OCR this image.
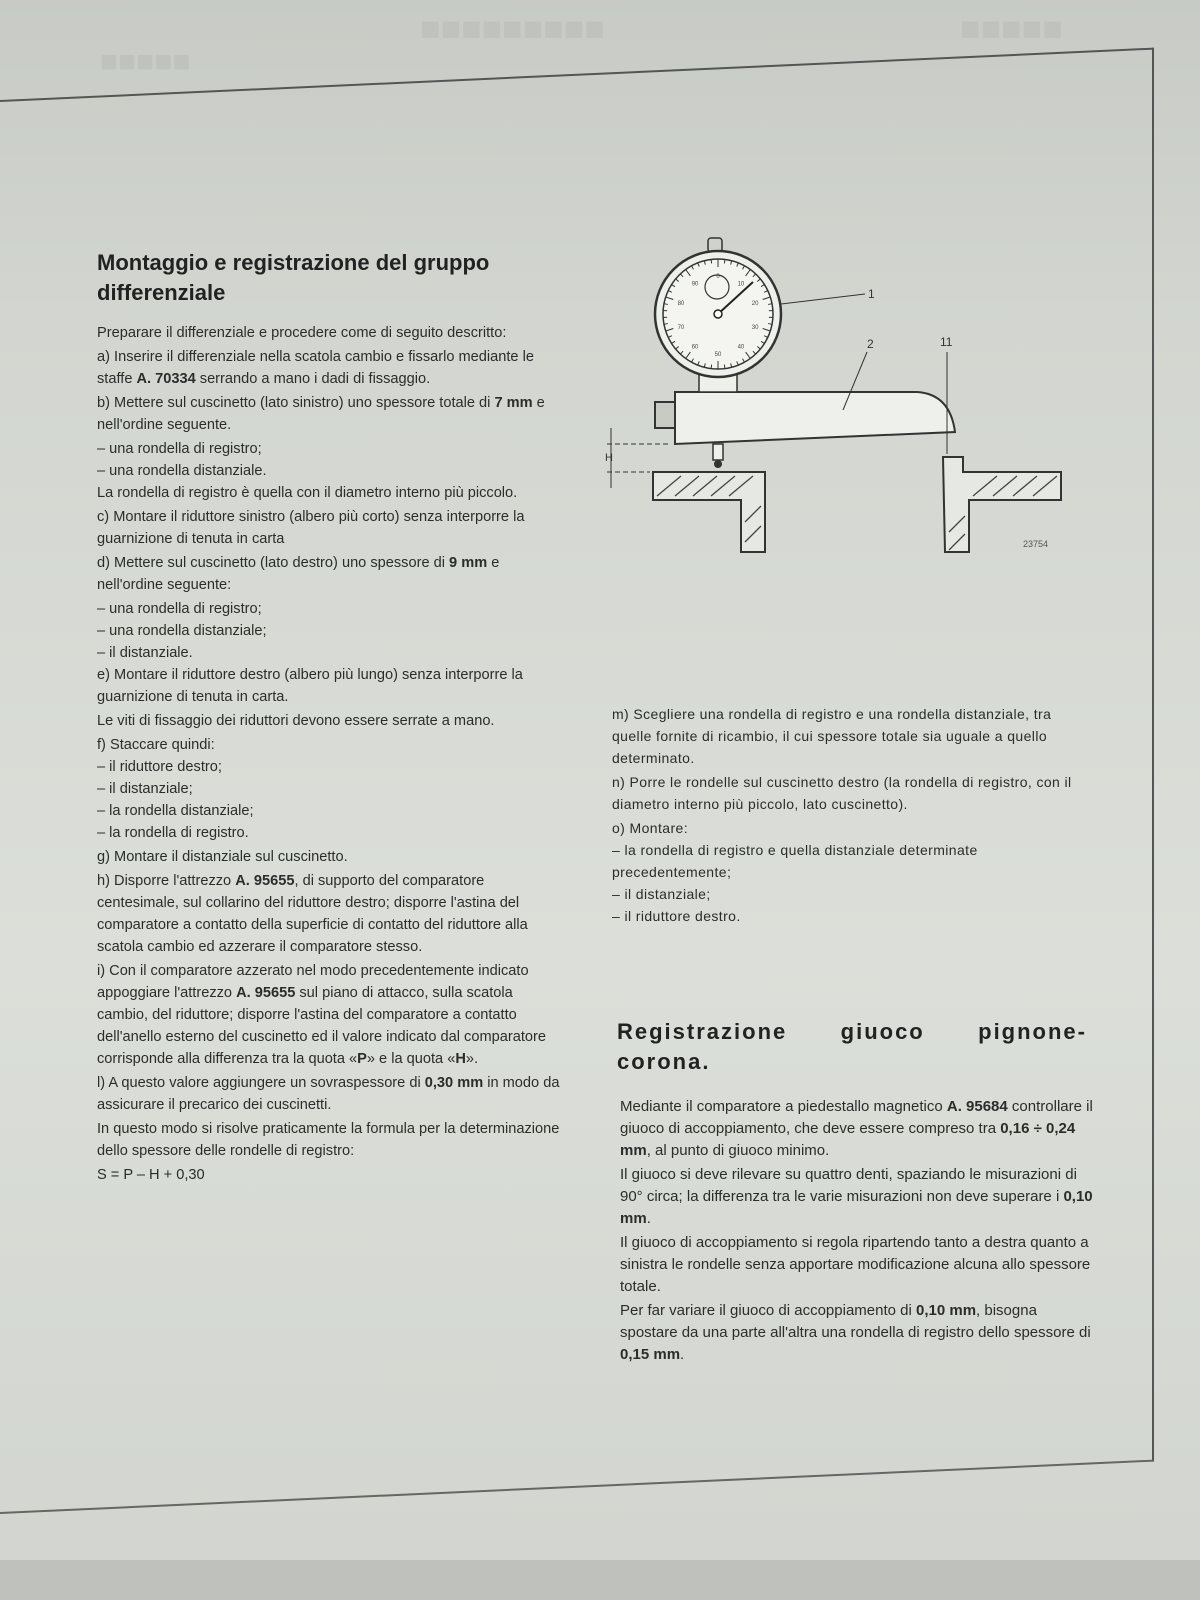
■■■■■■■■■	■■■■■
■■■■■
Montaggio e registrazione del gruppo
differenziale

Preparare il differenziale e procedere come di seguito descritto:

a) Inserire il differenziale nella scatola cambio e fissarlo mediante le staffe A. 70334 serrando a mano i dadi di fissaggio.

b) Mettere sul cuscinetto (lato sinistro) uno spessore totale di 7 mm e nell'ordine seguente.

– una rondella di registro;
– una rondella distanziale.

La rondella di registro è quella con il diametro interno più piccolo.

c) Montare il riduttore sinistro (albero più corto) senza interporre la guarnizione di tenuta in carta

d) Mettere sul cuscinetto (lato destro) uno spessore di 9 mm e nell'ordine seguente:

– una rondella di registro;
– una rondella distanziale;
– il distanziale.

e) Montare il riduttore destro (albero più lungo) senza interporre la guarnizione di tenuta in carta.

Le viti di fissaggio dei riduttori devono essere serrate a mano.

f) Staccare quindi:
– il riduttore destro;
– il distanziale;
– la rondella distanziale;

– la rondella di registro.

g) Montare il distanziale sul cuscinetto.

h) Disporre l'attrezzo A. 95655, di supporto del comparatore centesimale, sul collarino del riduttore destro; disporre l'astina del comparatore a contatto della superficie di contatto del riduttore alla scatola cambio ed azzerare il comparatore stesso.

i) Con il comparatore azzerato nel modo precedentemente indicato appoggiare l'attrezzo A. 95655 sul piano di attacco, sulla scatola cambio, del riduttore; disporre l'astina del comparatore a contatto dell'anello esterno del cuscinetto ed il valore indicato dal comparatore corrisponde alla differenza tra la quota «P» e la quota «H».

l) A questo valore aggiungere un sovraspessore di 0,30 mm in modo da assicurare il precarico dei cuscinetti.

In questo modo si risolve praticamente la formula per la determinazione dello spessore delle rondelle di registro:

S = P – H + 0,30

0
10
20
30
40
50
60
70
80
90
H
1
2	11
23754

m) Scegliere una rondella di registro e una rondella distanziale, tra quelle fornite di ricambio, il cui spessore totale sia uguale a quello determinato.

n) Porre le rondelle sul cuscinetto destro (la rondella di registro, con il diametro interno più piccolo, lato cuscinetto).

o) Montare:
– la rondella di registro e quella distanziale determinate precedentemente;
– il distanziale;
– il riduttore destro.
Registrazione giuoco pignone-
corona.

Mediante il comparatore a piedestallo magnetico A. 95684 controllare il giuoco di accoppiamento, che deve essere compreso tra 0,16 ÷ 0,24 mm, al punto di giuoco minimo.

Il giuoco si deve rilevare su quattro denti, spaziando le misurazioni di 90° circa; la differenza tra le varie misurazioni non deve superare i 0,10 mm.

Il giuoco di accoppiamento si regola ripartendo tanto a destra quanto a sinistra le rondelle senza apportare modificazione alcuna allo spessore totale.

Per far variare il giuoco di accoppiamento di 0,10 mm, bisogna spostare da una parte all'altra una rondella di registro dello spessore di 0,15 mm.
